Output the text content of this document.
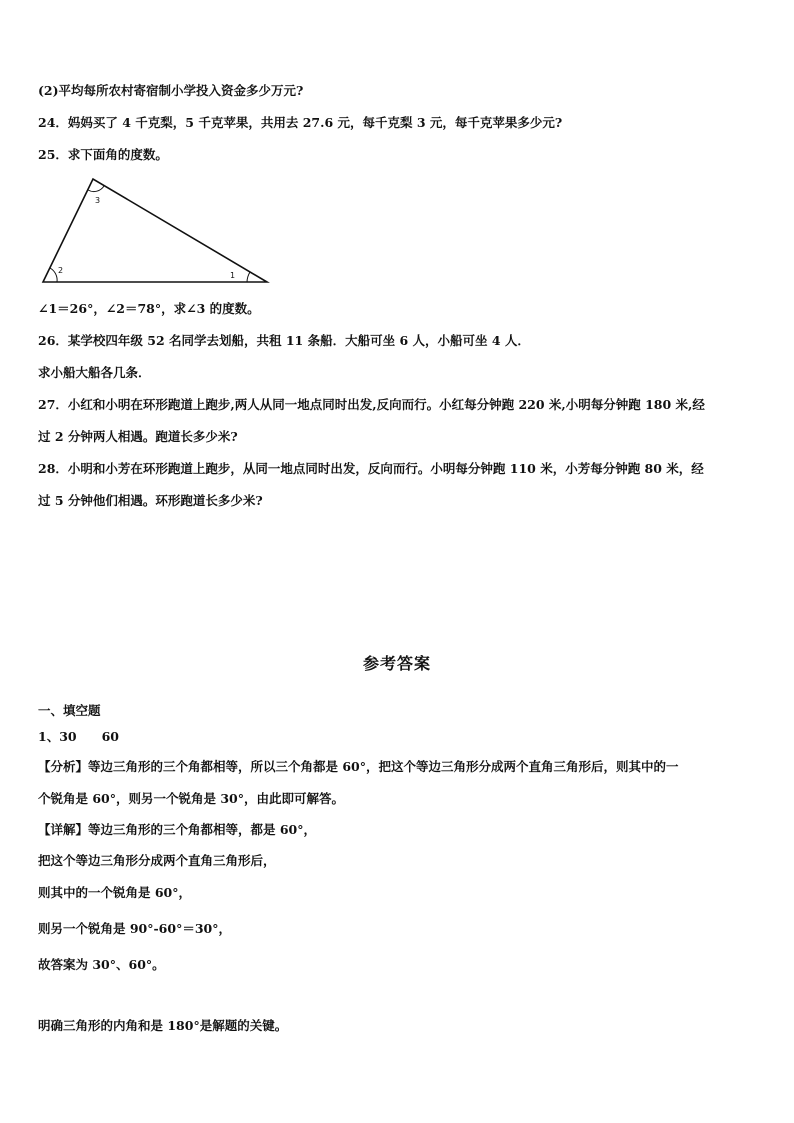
(2)平均每所农村寄宿制小学投入资金多少万元?
24．妈妈买了 4 千克梨，5 千克苹果，共用去 27.6 元，每千克梨 3 元，每千克苹果多少元?
25．求下面角的度数。
1
2
3
∠1＝26°，∠2＝78°，求∠3 的度数。
26．某学校四年级 52 名同学去划船，共租 11 条船．大船可坐 6 人，小船可坐 4 人．
求小船大船各几条．
27．小红和小明在环形跑道上跑步,两人从同一地点同时出发,反向而行。小红每分钟跑 220 米,小明每分钟跑 180 米,经
过 2 分钟两人相遇。跑道长多少米?
28．小明和小芳在环形跑道上跑步，从同一地点同时出发，反向而行。小明每分钟跑 110 米，小芳每分钟跑 80 米，经
过 5 分钟他们相遇。环形跑道长多少米?
参考答案
一、填空题
1、30　　60
【分析】等边三角形的三个角都相等，所以三个角都是 60°，把这个等边三角形分成两个直角三角形后，则其中的一
个锐角是 60°，则另一个锐角是 30°，由此即可解答。
【详解】等边三角形的三个角都相等，都是 60°，
把这个等边三角形分成两个直角三角形后，
则其中的一个锐角是 60°，
则另一个锐角是 90°-60°＝30°，
故答案为 30°、60°。
明确三角形的内角和是 180°是解题的关键。
